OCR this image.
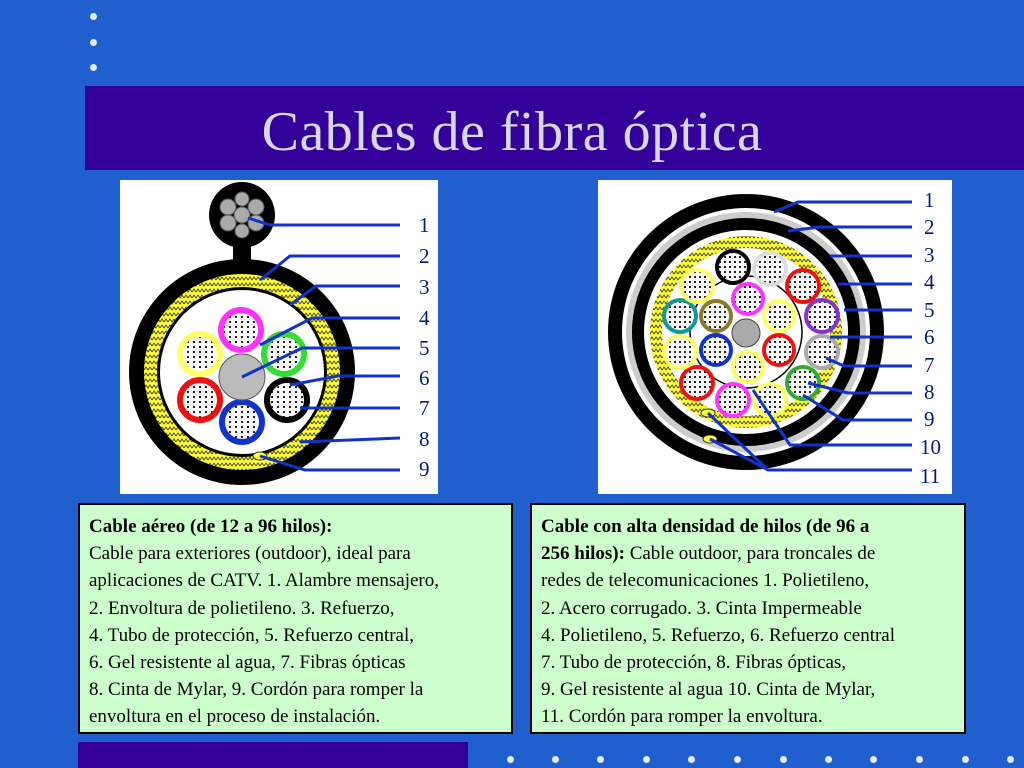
Cables de fibra óptica
1
2
3
4
5
6
7
8
9
1
2
3
4
5
6
7
8
9
10
11
Cable aéreo (de 12 a 96 hilos):
Cable para exteriores (outdoor), ideal para
aplicaciones de CATV. 1. Alambre mensajero,
2. Envoltura de polietileno. 3. Refuerzo,
4. Tubo de protección, 5. Refuerzo central,
6. Gel resistente al agua, 7. Fibras ópticas
8. Cinta de Mylar, 9. Cordón para romper la
envoltura en el proceso de instalación.
Cable con alta densidad de hilos (de 96 a
256 hilos): Cable outdoor, para troncales de
redes de telecomunicaciones 1. Polietileno,
2. Acero corrugado. 3. Cinta Impermeable
4. Polietileno, 5. Refuerzo, 6. Refuerzo central
7. Tubo de protección, 8. Fibras ópticas,
9. Gel resistente al agua 10. Cinta de Mylar,
11. Cordón para romper la envoltura.
